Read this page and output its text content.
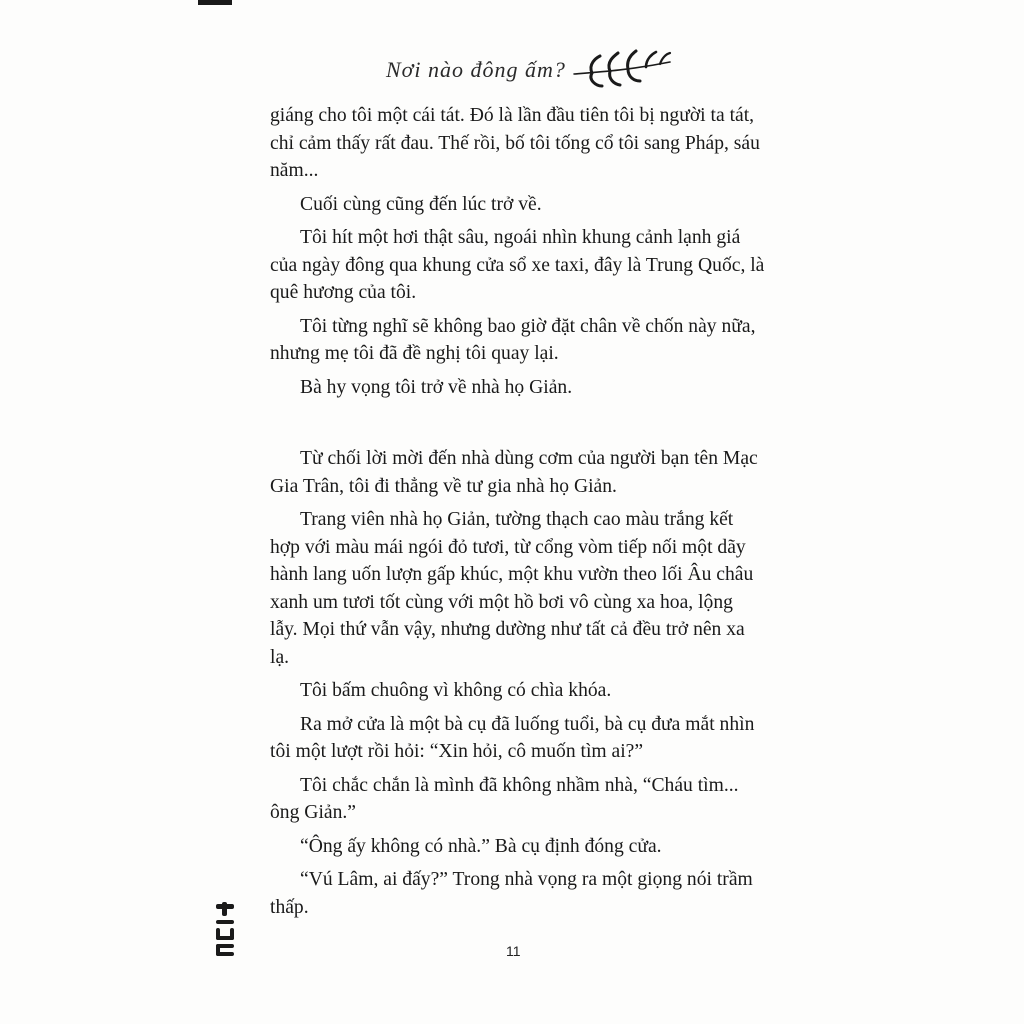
Nơi nào đông ấm?

giáng cho tôi một cái tát. Đó là lần đầu tiên tôi bị người ta tát, chỉ cảm thấy rất đau. Thế rồi, bố tôi tống cổ tôi sang Pháp, sáu năm...

Cuối cùng cũng đến lúc trở về.

Tôi hít một hơi thật sâu, ngoái nhìn khung cảnh lạnh giá của ngày đông qua khung cửa sổ xe taxi, đây là Trung Quốc, là quê hương của tôi.

Tôi từng nghĩ sẽ không bao giờ đặt chân về chốn này nữa, nhưng mẹ tôi đã đề nghị tôi quay lại.

Bà hy vọng tôi trở về nhà họ Giản.

Từ chối lời mời đến nhà dùng cơm của người bạn tên Mạc Gia Trân, tôi đi thẳng về tư gia nhà họ Giản.

Trang viên nhà họ Giản, tường thạch cao màu trắng kết hợp với màu mái ngói đỏ tươi, từ cổng vòm tiếp nối một dãy hành lang uốn lượn gấp khúc, một khu vườn theo lối Âu châu xanh um tươi tốt cùng với một hồ bơi vô cùng xa hoa, lộng lẫy. Mọi thứ vẫn vậy, nhưng dường như tất cả đều trở nên xa lạ.

Tôi bấm chuông vì không có chìa khóa.

Ra mở cửa là một bà cụ đã luống tuổi, bà cụ đưa mắt nhìn tôi một lượt rồi hỏi: “Xin hỏi, cô muốn tìm ai?”

Tôi chắc chắn là mình đã không nhầm nhà, “Cháu tìm... ông Giản.”

“Ông ấy không có nhà.” Bà cụ định đóng cửa.

“Vú Lâm, ai đấy?” Trong nhà vọng ra một giọng nói trầm thấp.

11
